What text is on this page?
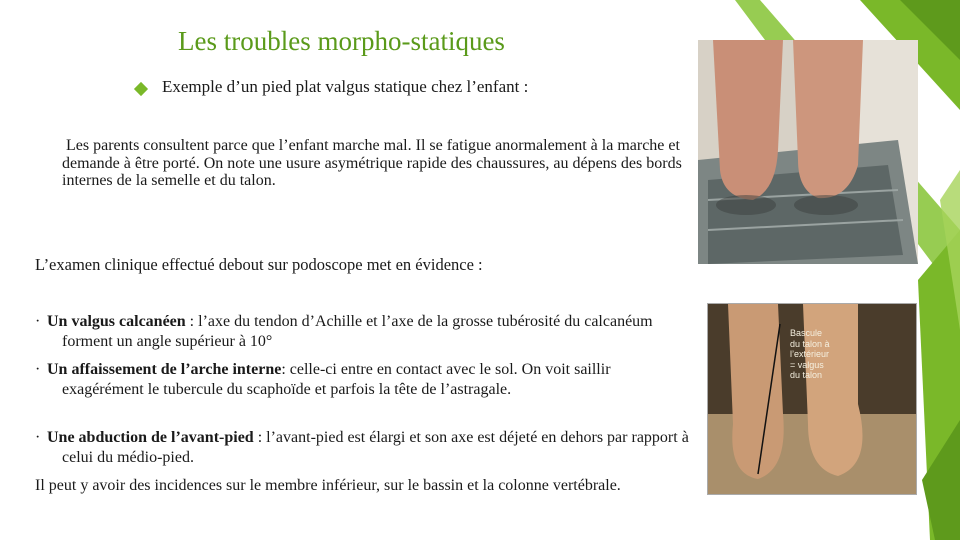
Les troubles morpho-statiques
Exemple d’un pied plat valgus statique chez l’enfant :
Les parents consultent parce que l’enfant marche mal. Il se fatigue anormalement à la marche et demande à être porté. On note une usure asymétrique rapide des chaussures, au dépens des bords internes de la semelle et du talon.
L’examen clinique effectué debout sur podoscope met en évidence :
· Un valgus calcanéen : l’axe du tendon d’Achille et l’axe de la grosse tubérosité du calcanéum forment un angle supérieur à 10°
· Un affaissement de l’arche interne: celle-ci entre en contact avec le sol. On voit saillir exagérément le tubercule du scaphoïde et parfois la tête de l’astragale.
· Une abduction de l’avant-pied : l’avant-pied est élargi et son axe est déjeté en dehors par rapport à celui du médio-pied.
Il peut y avoir des incidences sur le membre inférieur, sur le bassin et la colonne vertébrale.
Bascule du talon à l’extérieur = valgus du talon
